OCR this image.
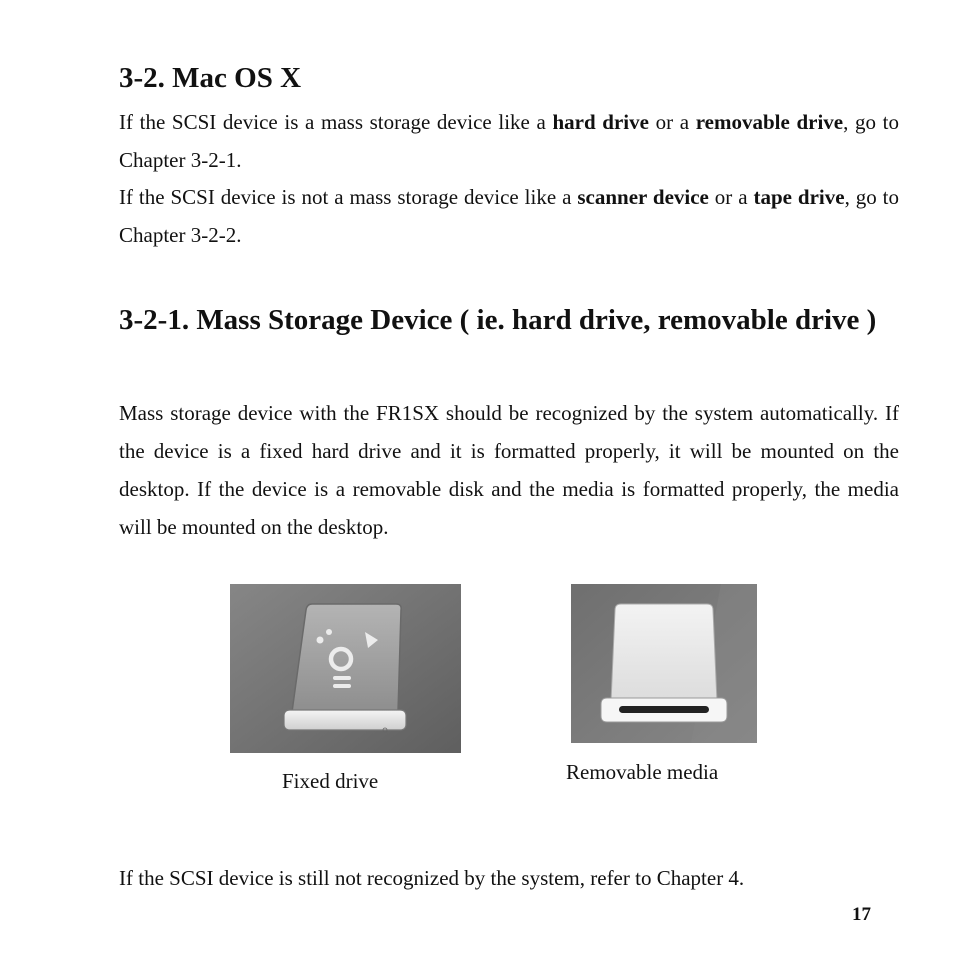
3-2. Mac OS X
If the SCSI device is a mass storage device like a hard drive or a removable drive, go to Chapter 3-2-1.
If the SCSI device is not a mass storage device like a scanner device or a tape drive, go to Chapter 3-2-2.
3-2-1. Mass Storage Device ( ie. hard drive, removable drive )

Mass storage device with the FR1SX should be recognized by the system automatically. If the device is a fixed hard drive and it is formatted properly, it will be mounted on the desktop. If the device is a removable disk and the media is formatted properly, the media will be mounted on the desktop.

Fixed drive	Removable media

If the SCSI device is still not recognized by the system, refer to Chapter 4.

17
